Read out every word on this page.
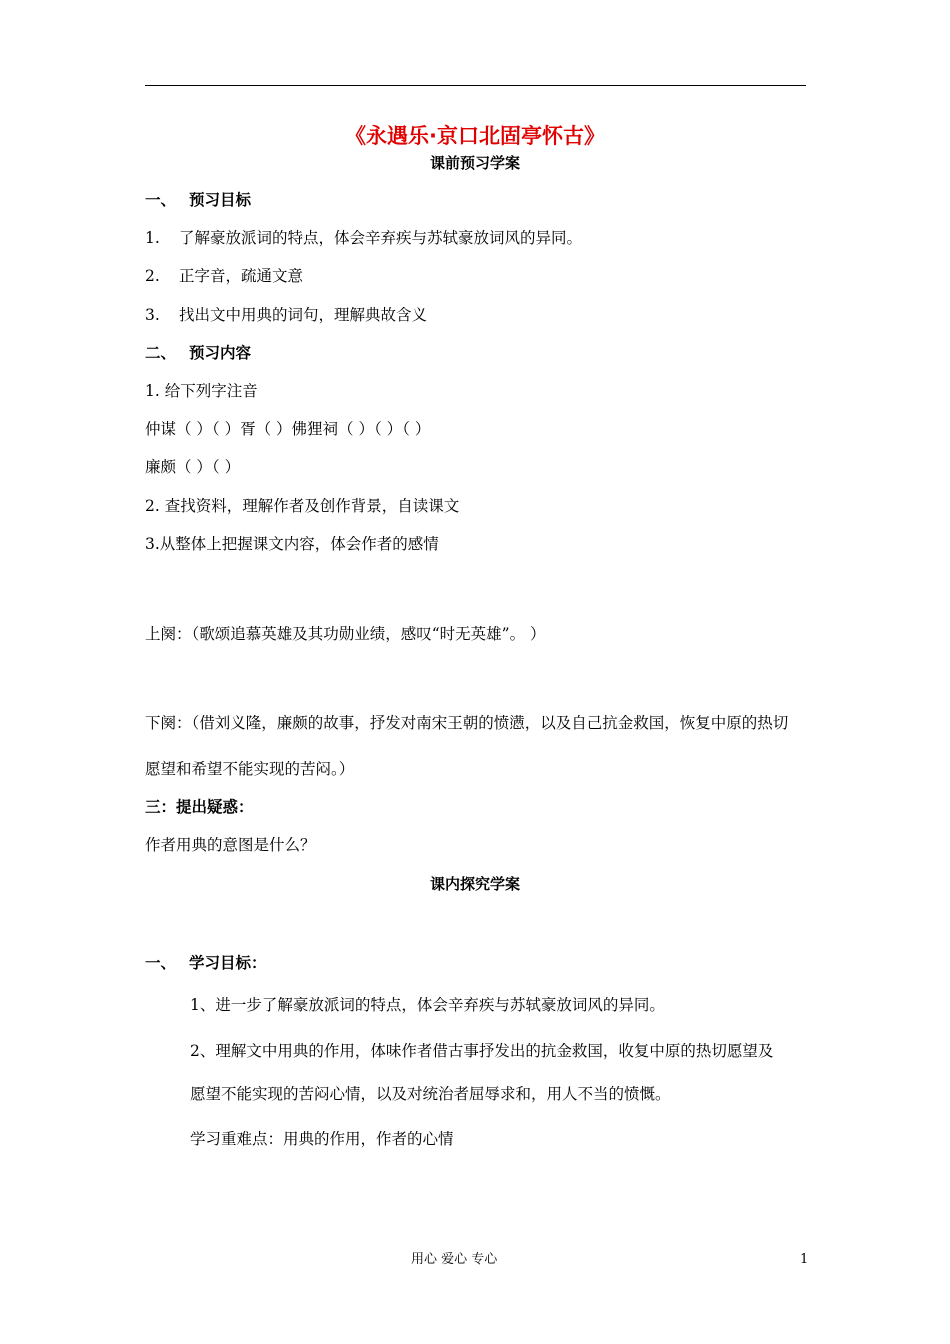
《永遇乐·京口北固亭怀古》
课前预习学案
一、 预习目标
1. 了解豪放派词的特点，体会辛弃疾与苏轼豪放词风的异同。
2. 正字音，疏通文意
3. 找出文中用典的词句，理解典故含义
二、 预习内容
1. 给下列字注音
仲谋（ ）（ ）胥（ ）佛狸祠（ ）（ ）（ ）
廉颇（ ）（ ）
2. 查找资料，理解作者及创作背景，自读课文
3.从整体上把握课文内容，体会作者的感情
上阕：（歌颂追慕英雄及其功勋业绩，感叹“时无英雄”。 ）
下阕：（借刘义隆，廉颇的故事，抒发对南宋王朝的愤懑，以及自己抗金救国，恢复中原的热切
愿望和希望不能实现的苦闷。）
三：提出疑惑：
作者用典的意图是什么？
课内探究学案
一、 学习目标：
1、进一步了解豪放派词的特点，体会辛弃疾与苏轼豪放词风的异同。
2、理解文中用典的作用，体味作者借古事抒发出的抗金救国，收复中原的热切愿望及
愿望不能实现的苦闷心情，以及对统治者屈辱求和，用人不当的愤慨。
学习重难点：用典的作用，作者的心情
用心 爱心 专心	1
